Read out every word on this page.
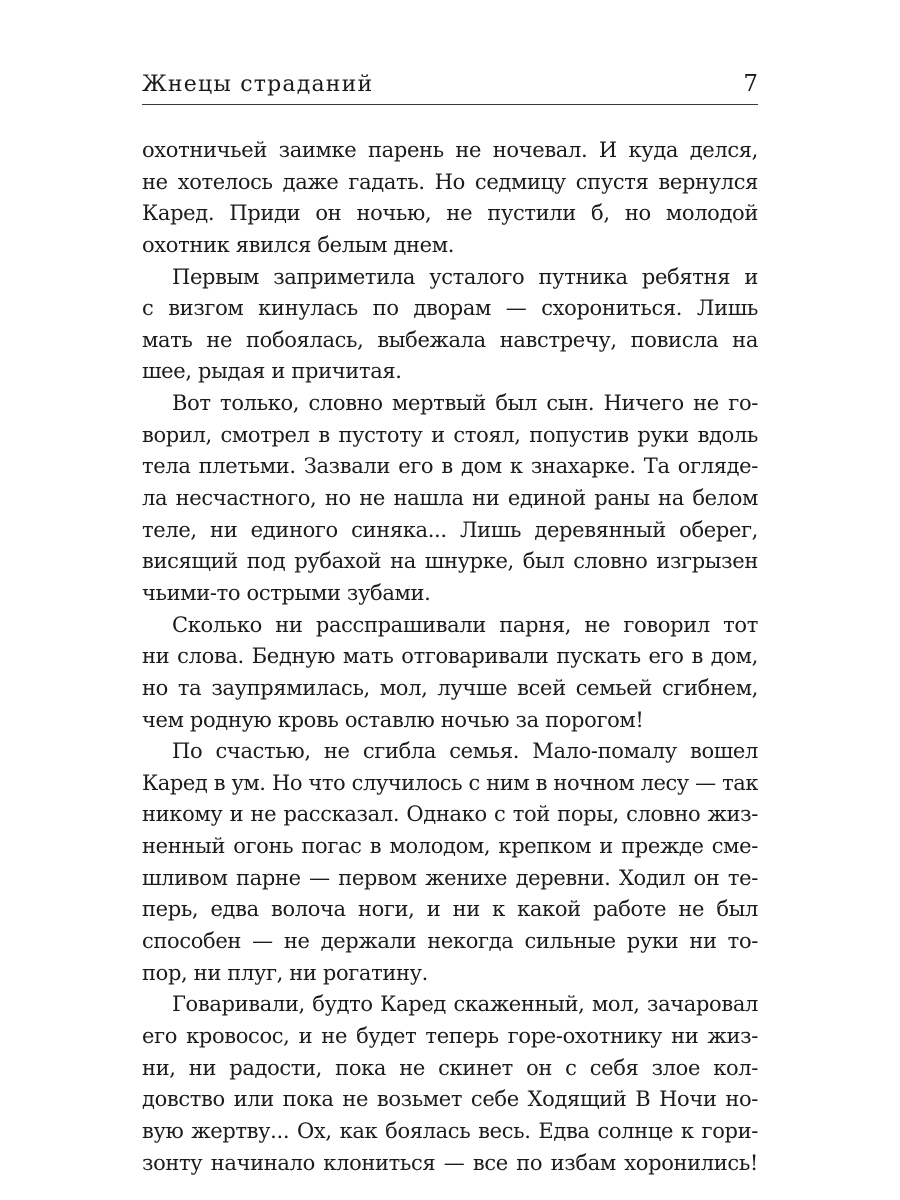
Жнецы страданий	7
охотничьей заимке парень не ночевал. И куда делся,
не хотелось даже гадать. Но седмицу спустя вернулся
Каред. Приди он ночью, не пустили б, но молодой
охотник явился белым днем.
Первым заприметила усталого путника ребятня и
с визгом кинулась по дворам — схорониться. Лишь
мать не побоялась, выбежала навстречу, повисла на
шее, рыдая и причитая.
Вот только, словно мертвый был сын. Ничего не го-
ворил, смотрел в пустоту и стоял, попустив руки вдоль
тела плетьми. Зазвали его в дом к знахарке. Та огляде-
ла несчастного, но не нашла ни единой раны на белом
теле, ни единого синяка... Лишь деревянный оберег,
висящий под рубахой на шнурке, был словно изгрызен
чьими-то острыми зубами.
Сколько ни расспрашивали парня, не говорил тот
ни слова. Бедную мать отговаривали пускать его в дом,
но та заупрямилась, мол, лучше всей семьей сгибнем,
чем родную кровь оставлю ночью за порогом!
По счастью, не сгибла семья. Мало-помалу вошел
Каред в ум. Но что случилось с ним в ночном лесу — так
никому и не рассказал. Однако с той поры, словно жиз-
ненный огонь погас в молодом, крепком и прежде сме-
шливом парне — первом женихе деревни. Ходил он те-
перь, едва волоча ноги, и ни к какой работе не был
способен — не держали некогда сильные руки ни то-
пор, ни плуг, ни рогатину.
Говаривали, будто Каред скаженный, мол, зачаровал
его кровосос, и не будет теперь горе-охотнику ни жиз-
ни, ни радости, пока не скинет он с себя злое кол-
довство или пока не возьмет себе Ходящий В Ночи но-
вую жертву... Ох, как боялась весь. Едва солнце к гори-
зонту начинало клониться — все по избам хоронились!
